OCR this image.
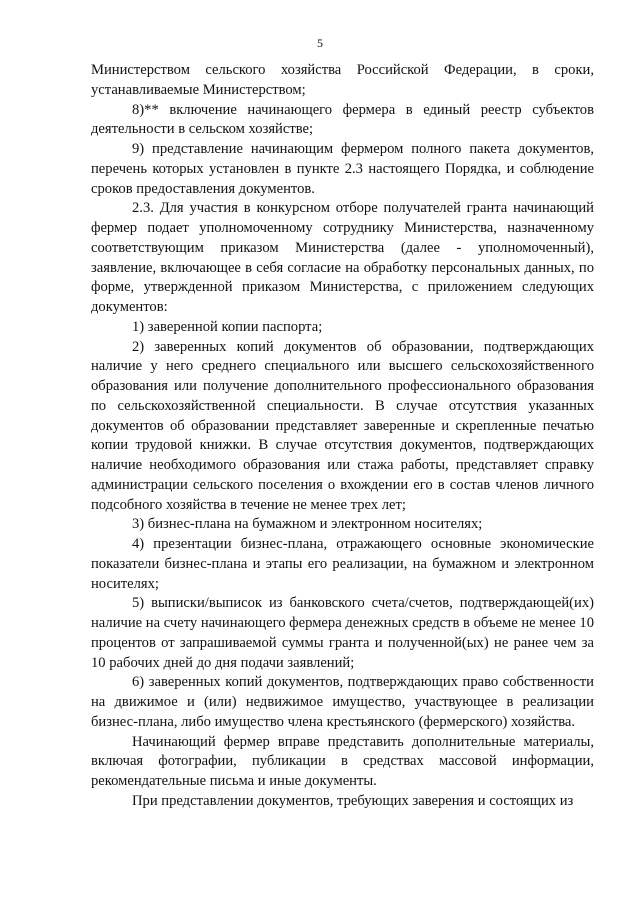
5

Министерством сельского хозяйства Российской Федерации, в сроки, устанавливаемые Министерством;

8)** включение начинающего фермера в единый реестр субъектов деятельности в сельском хозяйстве;

9) представление начинающим фермером полного пакета документов, перечень которых установлен в пункте 2.3 настоящего Порядка, и соблюдение сроков предоставления документов.

2.3. Для участия в конкурсном отборе получателей гранта начинающий фермер подает уполномоченному сотруднику Министерства, назначенному соответствующим приказом Министерства (далее - уполномоченный), заявление, включающее в себя согласие на обработку персональных данных, по форме, утвержденной приказом Министерства, с приложением следующих документов:

1) заверенной копии паспорта;

2) заверенных копий документов об образовании, подтверждающих наличие у него среднего специального или высшего сельскохозяйственного образования или получение дополнительного профессионального образования по сельскохозяйственной специальности. В случае отсутствия указанных документов об образовании представляет заверенные и скрепленные печатью копии трудовой книжки. В случае отсутствия документов, подтверждающих наличие необходимого образования или стажа работы, представляет справку администрации сельского поселения о вхождении его в состав членов личного подсобного хозяйства в течение не менее трех лет;

3) бизнес-плана на бумажном и электронном носителях;

4) презентации бизнес-плана, отражающего основные экономические показатели бизнес-плана и этапы его реализации, на бумажном и электронном носителях;

5) выписки/выписок из банковского счета/счетов, подтверждающей(их) наличие на счету начинающего фермера денежных средств в объеме не менее 10 процентов от запрашиваемой суммы гранта и полученной(ых) не ранее чем за 10 рабочих дней до дня подачи заявлений;

6) заверенных копий документов, подтверждающих право собственности на движимое и (или) недвижимое имущество, участвующее в реализации бизнес-плана, либо имущество члена крестьянского (фермерского) хозяйства.

Начинающий фермер вправе представить дополнительные материалы, включая фотографии, публикации в средствах массовой информации, рекомендательные письма и иные документы.

При представлении документов, требующих заверения и состоящих из
